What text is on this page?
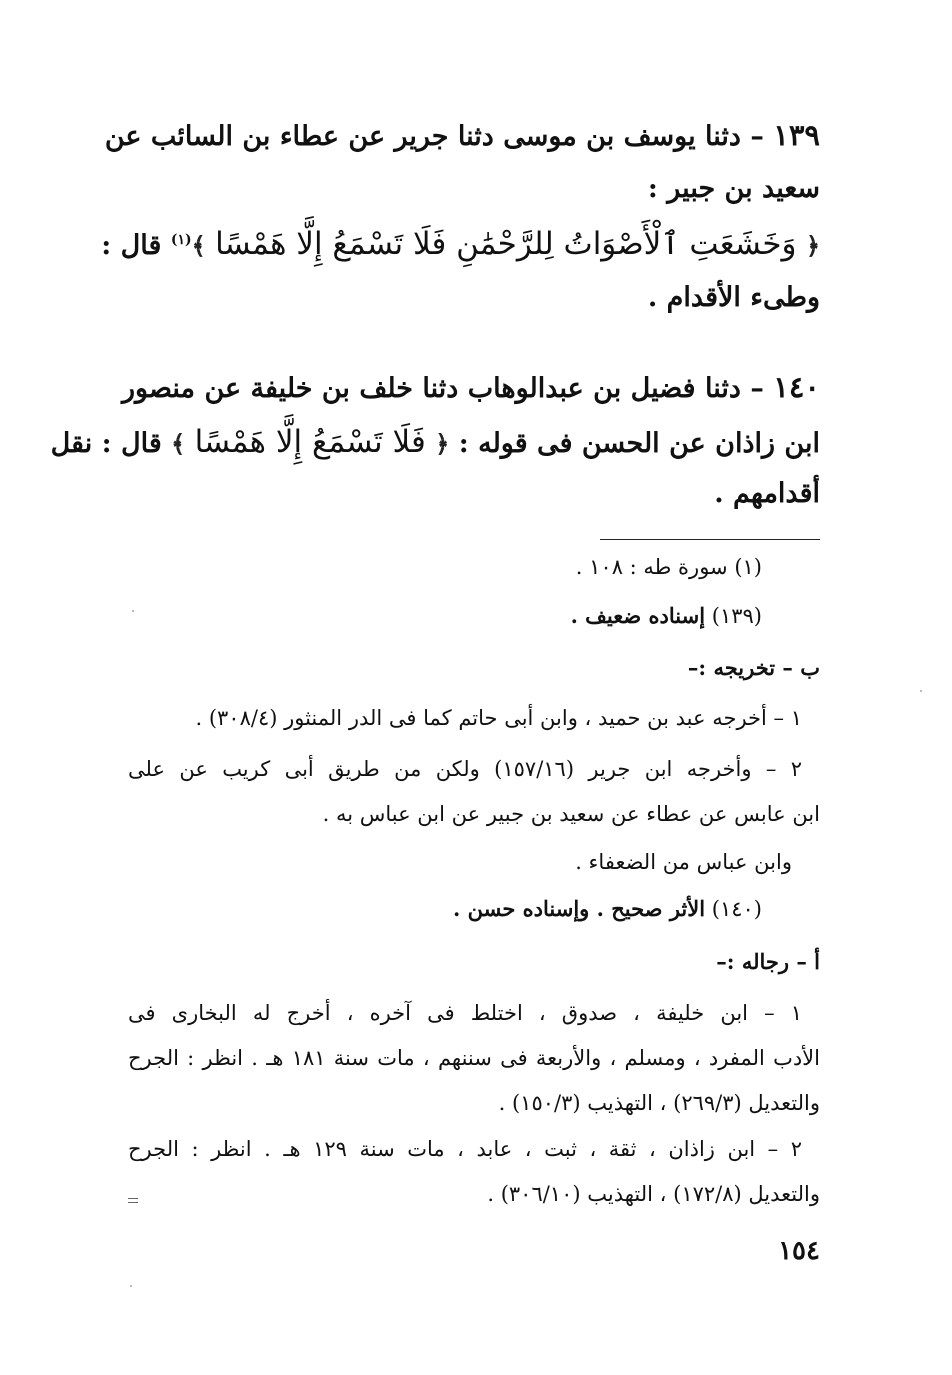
١٣٩ – دثنا يوسف بن موسى دثنا جرير عن عطاء بن السائب عن
سعيد بن جبير :
﴿ وَخَشَعَتِ ٱلْأَصْوَاتُ لِلرَّحْمَٰنِ فَلَا تَسْمَعُ إِلَّا هَمْسًا ﴾$^{(١)}$ قال :
وطىء الأقدام .
١٤٠ – دثنا فضيل بن عبدالوهاب دثنا خلف بن خليفة عن منصور
ابن زاذان عن الحسن فى قوله : ﴿ فَلَا تَسْمَعُ إِلَّا هَمْسًا ﴾ قال : نقل
أقدامهم .
(١) سورة طه : ١٠٨ .
(١٣٩) إسناده ضعيف .
ب – تخريجه :–
١ – أخرجه عبد بن حميد ، وابن أبى حاتم كما فى الدر المنثور (٣٠٨/٤) .
٢ – وأخرجه ابن جرير (١٥٧/١٦) ولكن من طريق أبى كريب عن على
ابن عابس عن عطاء عن سعيد بن جبير عن ابن عباس به .
وابن عباس من الضعفاء .
(١٤٠) الأثر صحيح . وإسناده حسن .
أ – رجاله :–
١ – ابن خليفة ، صدوق ، اختلط فى آخره ، أخرج له البخارى فى
الأدب المفرد ، ومسلم ، والأربعة فى سننهم ، مات سنة ١٨١ هـ . انظر : الجرح
والتعديل (٢٦٩/٣) ، التهذيب (١٥٠/٣) .
٢ – ابن زاذان ، ثقة ، ثبت ، عابد ، مات سنة ١٢٩ هـ . انظر : الجرح
والتعديل (١٧٢/٨) ، التهذيب (٣٠٦/١٠) .
١٥٤
